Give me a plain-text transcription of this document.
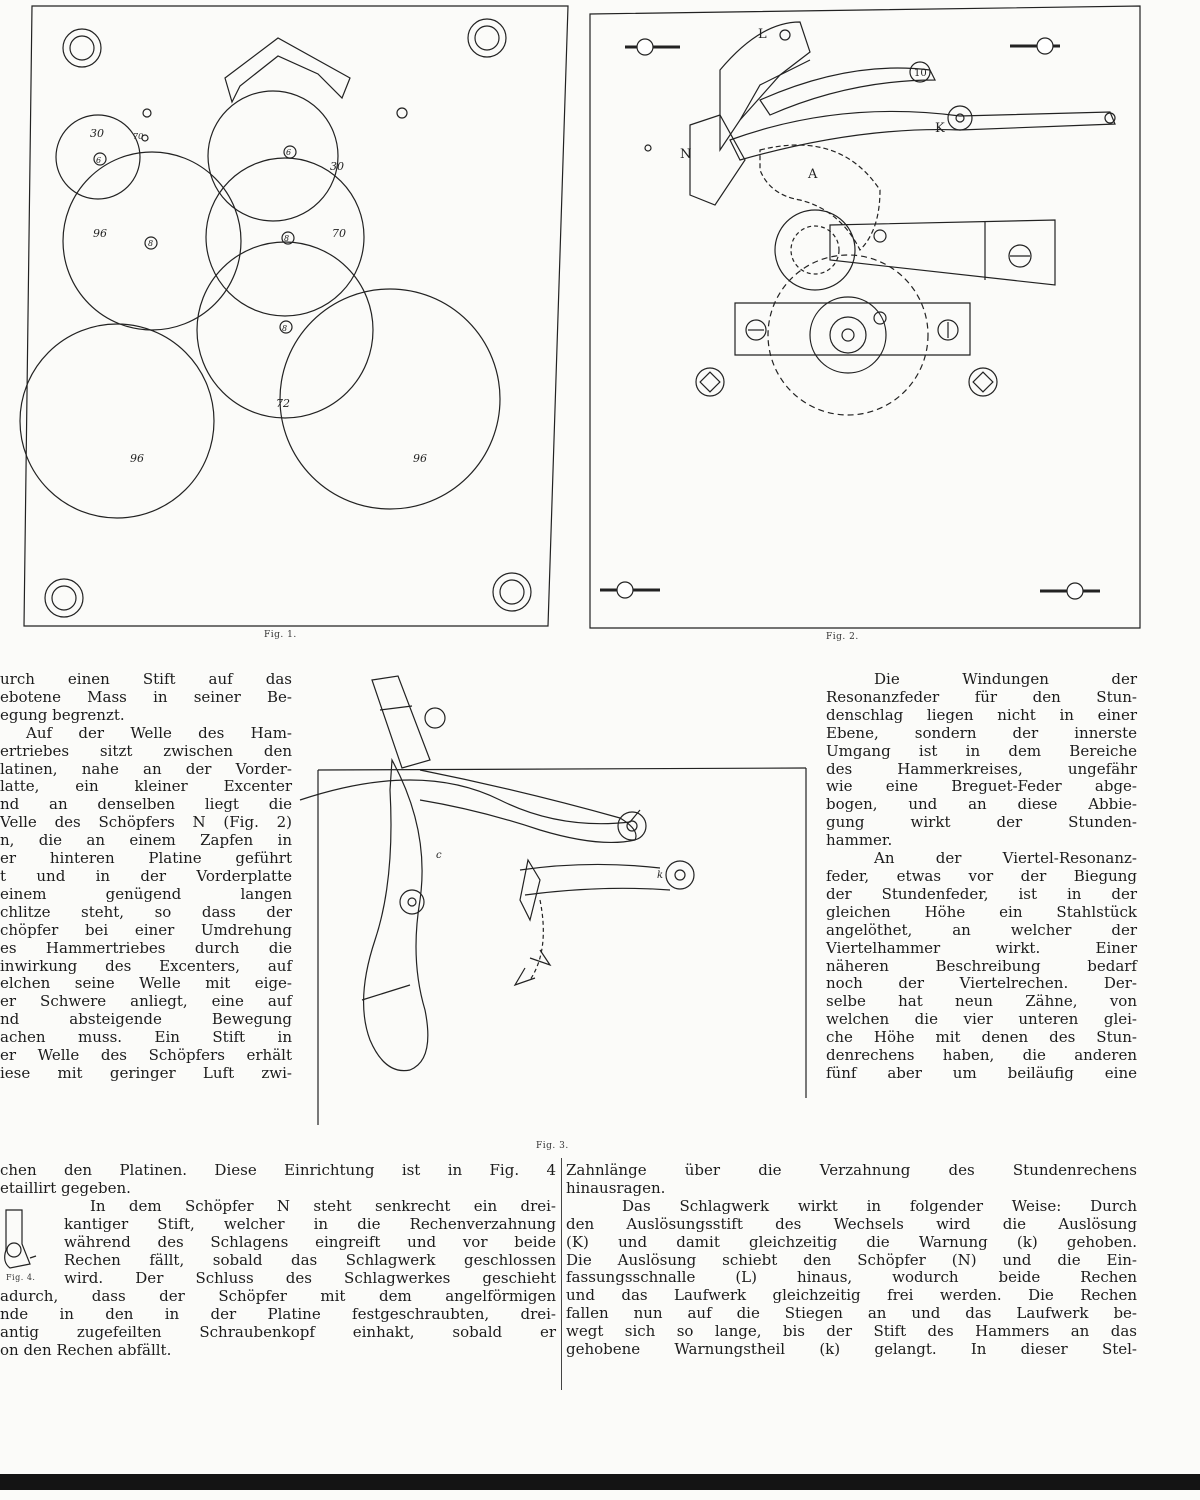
30	70
6	30
96
8
70
8
8
72
96	96
6
Fig. 1.
L
10
K
N
A
Fig. 2.
c
k
Fig. 3.
Fig. 4.

urch einen Stift auf das

ebotene Mass in seiner Be-

egung begrenzt.

Auf der Welle des Ham-

ertriebes sitzt zwischen den

latinen, nahe an der Vorder-

latte, ein kleiner Excenter

nd an denselben liegt die

Velle des Schöpfers N (Fig. 2)

n, die an einem Zapfen in

er hinteren Platine geführt

t und in der Vorderplatte

einem genügend langen

chlitze steht, so dass der

chöpfer bei einer Umdrehung

es Hammertriebes durch die

inwirkung des Excenters, auf

elchen seine Welle mit eige-

er Schwere anliegt, eine auf

nd absteigende Bewegung

achen muss. Ein Stift in

er Welle des Schöpfers erhält

iese mit geringer Luft zwi-

chen den Platinen. Diese Einrichtung ist in Fig. 4

etaillirt gegeben.

In dem Schöpfer N steht senkrecht ein drei-

kantiger Stift, welcher in die Rechenverzahnung

während des Schlagens eingreift und vor beide

Rechen fällt, sobald das Schlagwerk geschlossen

wird. Der Schluss des Schlagwerkes geschieht

adurch, dass der Schöpfer mit dem angelförmigen

nde in den in der Platine festgeschraubten, drei-

antig zugefeilten Schraubenkopf einhakt, sobald er

on den Rechen abfällt.

Die Windungen der

Resonanzfeder für den Stun-

denschlag liegen nicht in einer

Ebene, sondern der innerste

Umgang ist in dem Bereiche

des Hammerkreises, ungefähr

wie eine Breguet-Feder abge-

bogen, und an diese Abbie-

gung wirkt der Stunden-

hammer.

An der Viertel-Resonanz-

feder, etwas vor der Biegung

der Stundenfeder, ist in der

gleichen Höhe ein Stahlstück

angelöthet, an welcher der

Viertelhammer wirkt. Einer

näheren Beschreibung bedarf

noch der Viertelrechen. Der-

selbe hat neun Zähne, von

welchen die vier unteren glei-

che Höhe mit denen des Stun-

denrechens haben, die anderen

fünf aber um beiläufig eine

Zahnlänge über die Verzahnung des Stundenrechens

hinausragen.

Das Schlagwerk wirkt in folgender Weise: Durch

den Auslösungsstift des Wechsels wird die Auslösung

(K) und damit gleichzeitig die Warnung (k) gehoben.

Die Auslösung schiebt den Schöpfer (N) und die Ein-

fassungsschnalle (L) hinaus, wodurch beide Rechen

und das Laufwerk gleichzeitig frei werden. Die Rechen

fallen nun auf die Stiegen an und das Laufwerk be-

wegt sich so lange, bis der Stift des Hammers an das

gehobene Warnungstheil (k) gelangt. In dieser Stel-
